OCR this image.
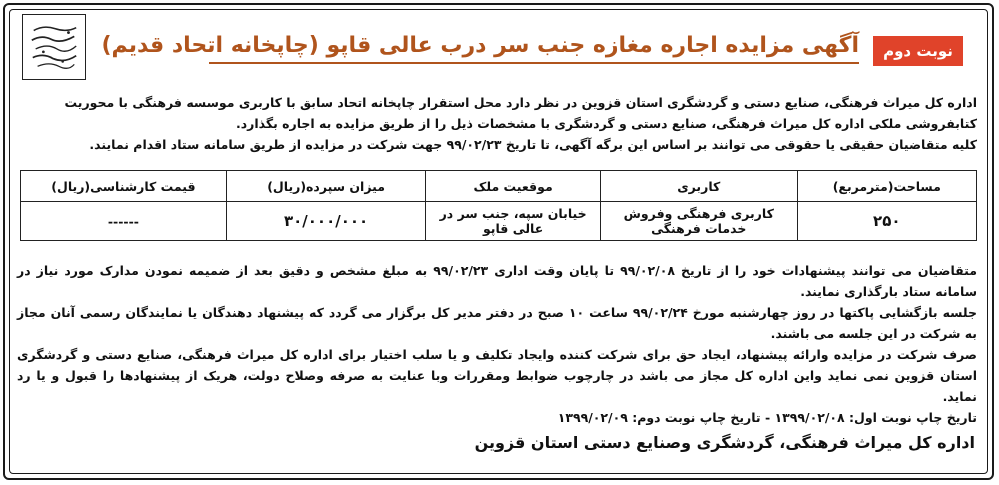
نوبت دوم
آگهی مزایده اجاره مغازه جنب سر درب عالی قاپو (چاپخانه اتحاد قدیم)

اداره کل میراث فرهنگی، صنایع دستی و گردشگری استان قزوین در نظر دارد محل استقرار چاپخانه اتحاد سابق با کاربری موسسه فرهنگی با محوریت

کتابفروشی ملکی اداره کل میراث فرهنگی، صنایع دستی و گردشگری با مشخصات ذیل را از طریق مزایده به اجاره بگذارد.

کلیه متقاضیان حقیقی یا حقوقی می توانند بر اساس این برگه آگهی، تا تاریخ ۹۹/۰۲/۲۳ جهت شرکت در مزایده از طریق سامانه ستاد اقدام نمایند.

مساحت(مترمربع)	کاربری	موقعیت ملک	میزان سپرده(ریال)	قیمت کارشناسی(ریال)
۲۵۰	کاربری فرهنگی وفروش خدمات فرهنگی	خیابان سپه، جنب سر در عالی قاپو	۳۰/۰۰۰/۰۰۰	------

متقاضیان می توانند پیشنهادات خود را از تاریخ ۹۹/۰۲/۰۸ تا پایان وقت اداری ۹۹/۰۲/۲۳ به مبلغ مشخص و دقیق بعد از ضمیمه نمودن مدارک مورد نیاز در سامانه ستاد بارگذاری نمایند.

جلسه بازگشایی پاکتها در روز چهارشنبه مورخ ۹۹/۰۲/۲۴ ساعت ۱۰ صبح در دفتر مدیر کل برگزار می گردد که پیشنهاد دهندگان یا نمایندگان رسمی آنان مجاز به شرکت در این جلسه می باشند.

صرف شرکت در مزایده وارائه پیشنهاد، ایجاد حق برای شرکت کننده وایجاد تکلیف و یا سلب اختیار برای اداره کل میراث فرهنگی، صنایع دستی و گردشگری استان قزوین نمی نماید واین اداره کل مجاز می باشد در چارچوب ضوابط ومقررات وبا عنایت به صرفه وصلاح دولت، هریک از پیشنهادها را قبول و یا رد نماید.

تاریخ چاپ نوبت اول: ۱۳۹۹/۰۲/۰۸ - تاریخ چاپ نوبت دوم: ۱۳۹۹/۰۲/۰۹

اداره کل میراث فرهنگی، گردشگری وصنایع دستی استان قزوین
